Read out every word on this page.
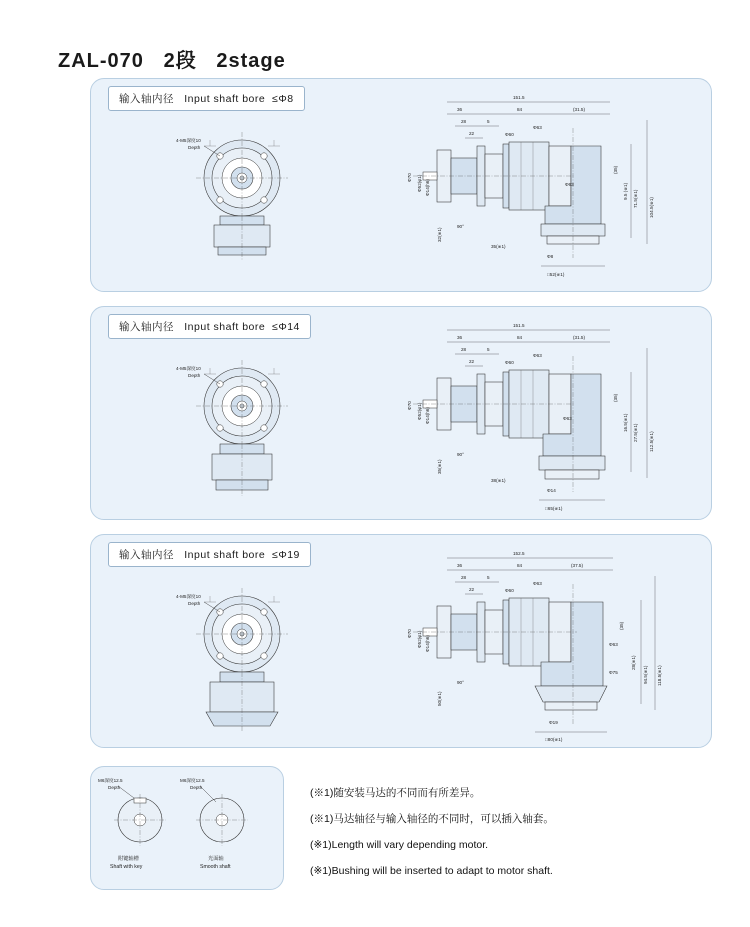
ZAL-070   2段   2stage
输入轴内径   Input shaft bore  ≤Φ8
4-M5深度10
Depth
151.5
36	84	(31.5)
28	5
22	Φ60
Φ63
Φ70 Φ52(φ1) Φ14(h6)
32(※1)
90°
35(※1)
Φ63
Φ8
□52(※1)
(35)
9.5 (※1) 71.5(※1) 104.5(※1)
输入轴内径   Input shaft bore  ≤Φ14
4-M5深度10
Depth
151.5
36	84	(31.5)
28	5
22	Φ60
Φ63
Φ70 Φ52(φ1) Φ14(h6)
35(※1)
90°
38(※1)
Φ63
Φ14
□65(※1)
(35)
16.5(※1)
27.5(※1) 112.5(※1)
输入轴内径   Input shaft bore  ≤Φ19
4-M5深度10
Depth
152.5
36	84	(37.5)
28	5
22	Φ60
Φ63
Φ70 Φ52(φ1) Φ14(h6)
50(※1)
90°
Φ63
Φ75
Φ19
□80(※1)
(35)
28(※1)
94.5(※1) 118.5(※1)
M6深度12.5
Depth
附键轴槽
Shaft with key
M6深度12.5
Depth
光面轴
Smooth shaft
(※1)随安装马达的不同而有所差异。
(※1)马达轴径与输入轴径的不同时，可以插入轴套。
(※1)Length will vary depending motor.
(※1)Bushing will be inserted to adapt to motor shaft.
